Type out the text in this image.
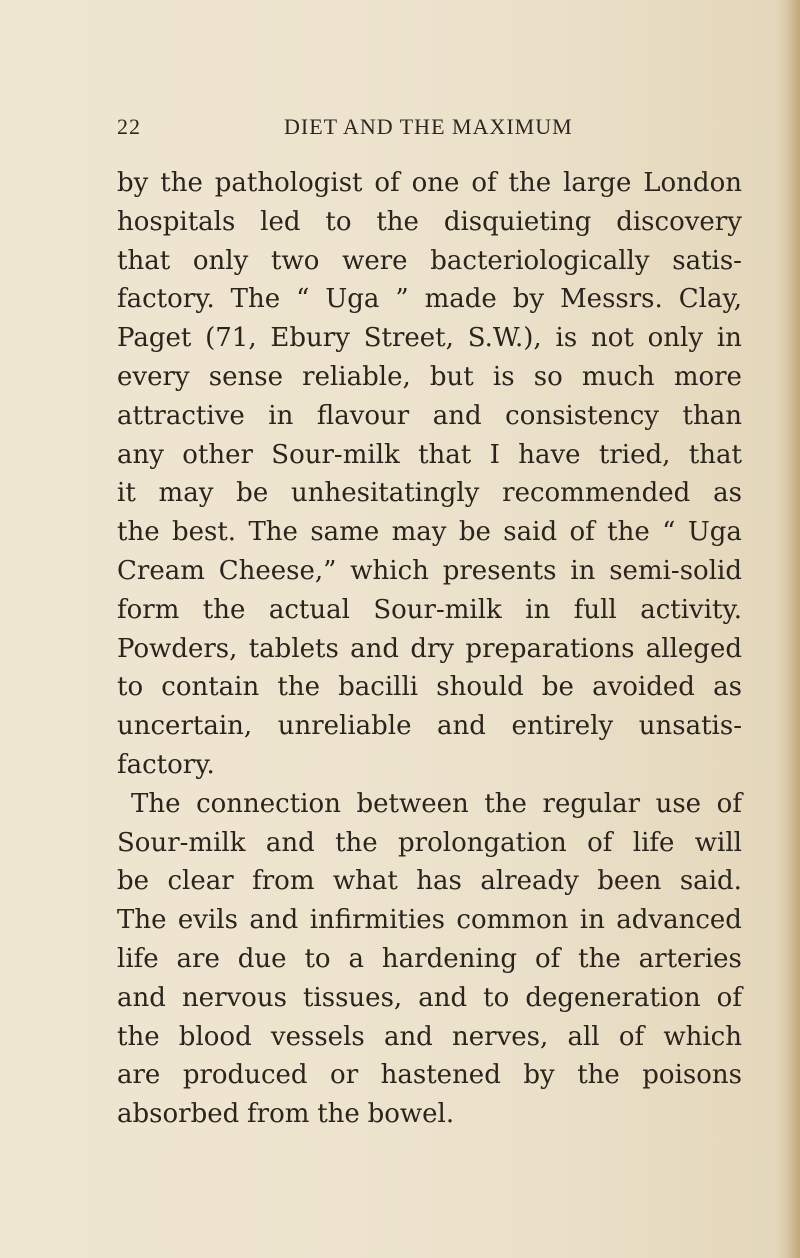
22	DIET AND THE MAXIMUM
by the pathologist of one of the large London
hospitals led to the disquieting discovery
that only two were bacteriologically satis-
factory. The “ Uga ” made by Messrs. Clay,
Paget (71, Ebury Street, S.W.), is not only in
every sense reliable, but is so much more
attractive in flavour and consistency than
any other Sour-milk that I have tried, that
it may be unhesitatingly recommended as
the best. The same may be said of the “ Uga
Cream Cheese,” which presents in semi-solid
form the actual Sour-milk in full activity.
Powders, tablets and dry preparations alleged
to contain the bacilli should be avoided as
uncertain, unreliable and entirely unsatis-
factory.
The connection between the regular use of
Sour-milk and the prolongation of life will
be clear from what has already been said.
The evils and infirmities common in advanced
life are due to a hardening of the arteries
and nervous tissues, and to degeneration of
the blood vessels and nerves, all of which
are produced or hastened by the poisons
absorbed from the bowel.
